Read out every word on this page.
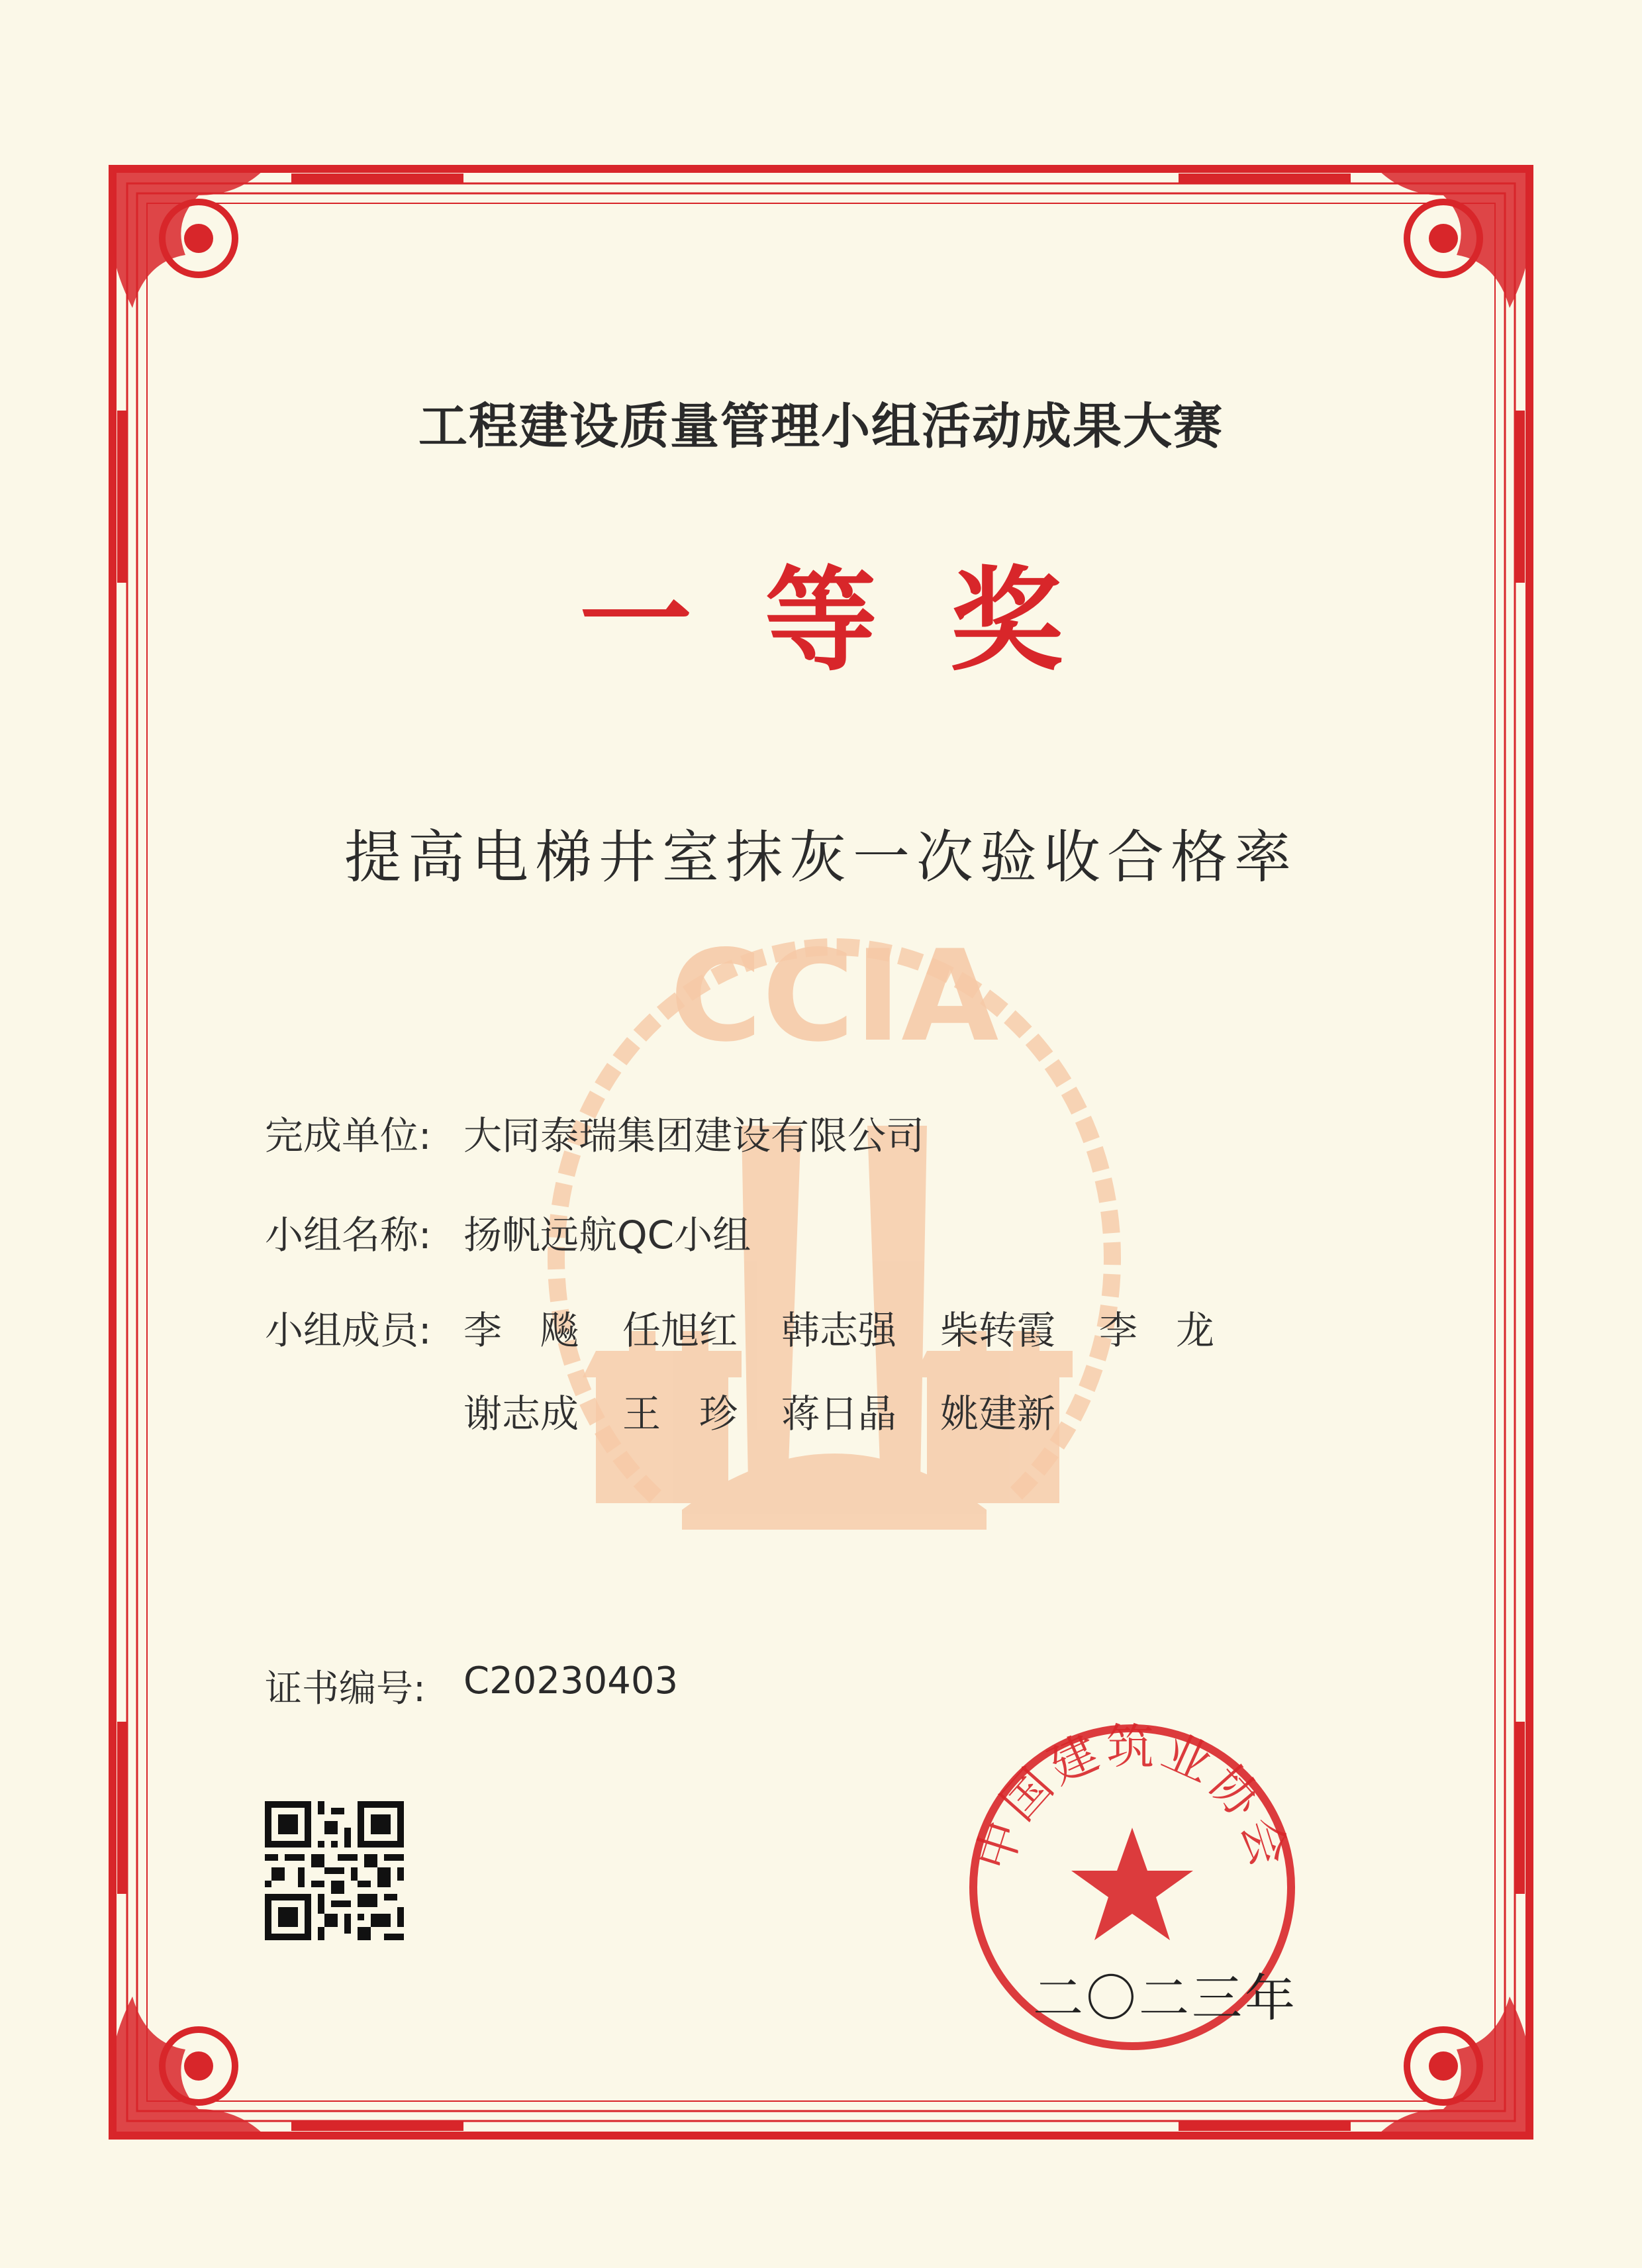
CCIA
工程建设质量管理小组活动成果大赛
一等奖
提高电梯井室抹灰一次验收合格率
完成单位: 大同泰瑞集团建设有限公司
小组名称: 扬帆远航QC小组
小组成员: 李　飚 任旭红 韩志强 柴转霞 李　龙
谢志成 王　珍 蒋日晶 姚建新
证书编号: C20230403
中国建筑业协会
二〇二三年
